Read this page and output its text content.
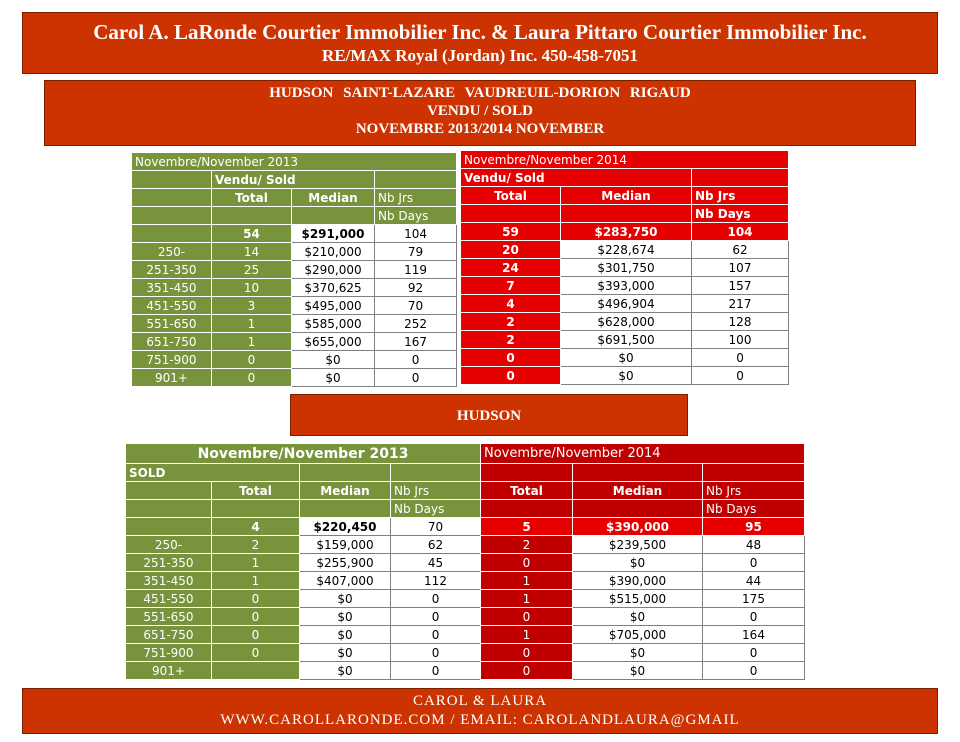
Carol A. LaRonde Courtier Immobilier Inc. & Laura Pittaro Courtier Immobilier Inc.
RE/MAX Royal (Jordan) Inc. 450-458-7051
HUDSON SAINT-LAZARE VAUDREUIL-DORION RIGAUD
VENDU / SOLD
NOVEMBRE 2013/2014 NOVEMBER
Novembre/November 2013			
	Vendu/ Sold		
	Total	Median	Nb Jrs
			Nb Days
	54	$291,000	104
250-	14	$210,000	79
251-350	25	$290,000	119
351-450	10	$370,625	92
451-550	3	$495,000	70
551-650	1	$585,000	252
651-750	1	$655,000	167
751-900	0	$0	0
901+	0	$0	0
Novembre/November 2014		
Vendu/ Sold		
Total	Median	Nb Jrs
		Nb Days
59	$283,750	104
20	$228,674	62
24	$301,750	107
7	$393,000	157
4	$496,904	217
2	$628,000	128
2	$691,500	100
0	$0	0
0	$0	0
HUDSON
Novembre/November 2013			
SOLD			
	Total	Median	Nb Jrs
			Nb Days
	4	$220,450	70
250-	2	$159,000	62
251-350	1	$255,900	45
351-450	1	$407,000	112
451-550	0	$0	0
551-650	0	$0	0
651-750	0	$0	0
751-900	0	$0	0
901+		$0	0
Novembre/November 2014		

Total	Median	Nb Jrs
		Nb Days
5	$390,000	95
2	$239,500	48
0	$0	0
1	$390,000	44
1	$515,000	175
0	$0	0
1	$705,000	164
0	$0	0
0	$0	0
CAROL & LAURA
WWW.CAROLLARONDE.COM / EMAIL: CAROLANDLAURA@GMAIL
